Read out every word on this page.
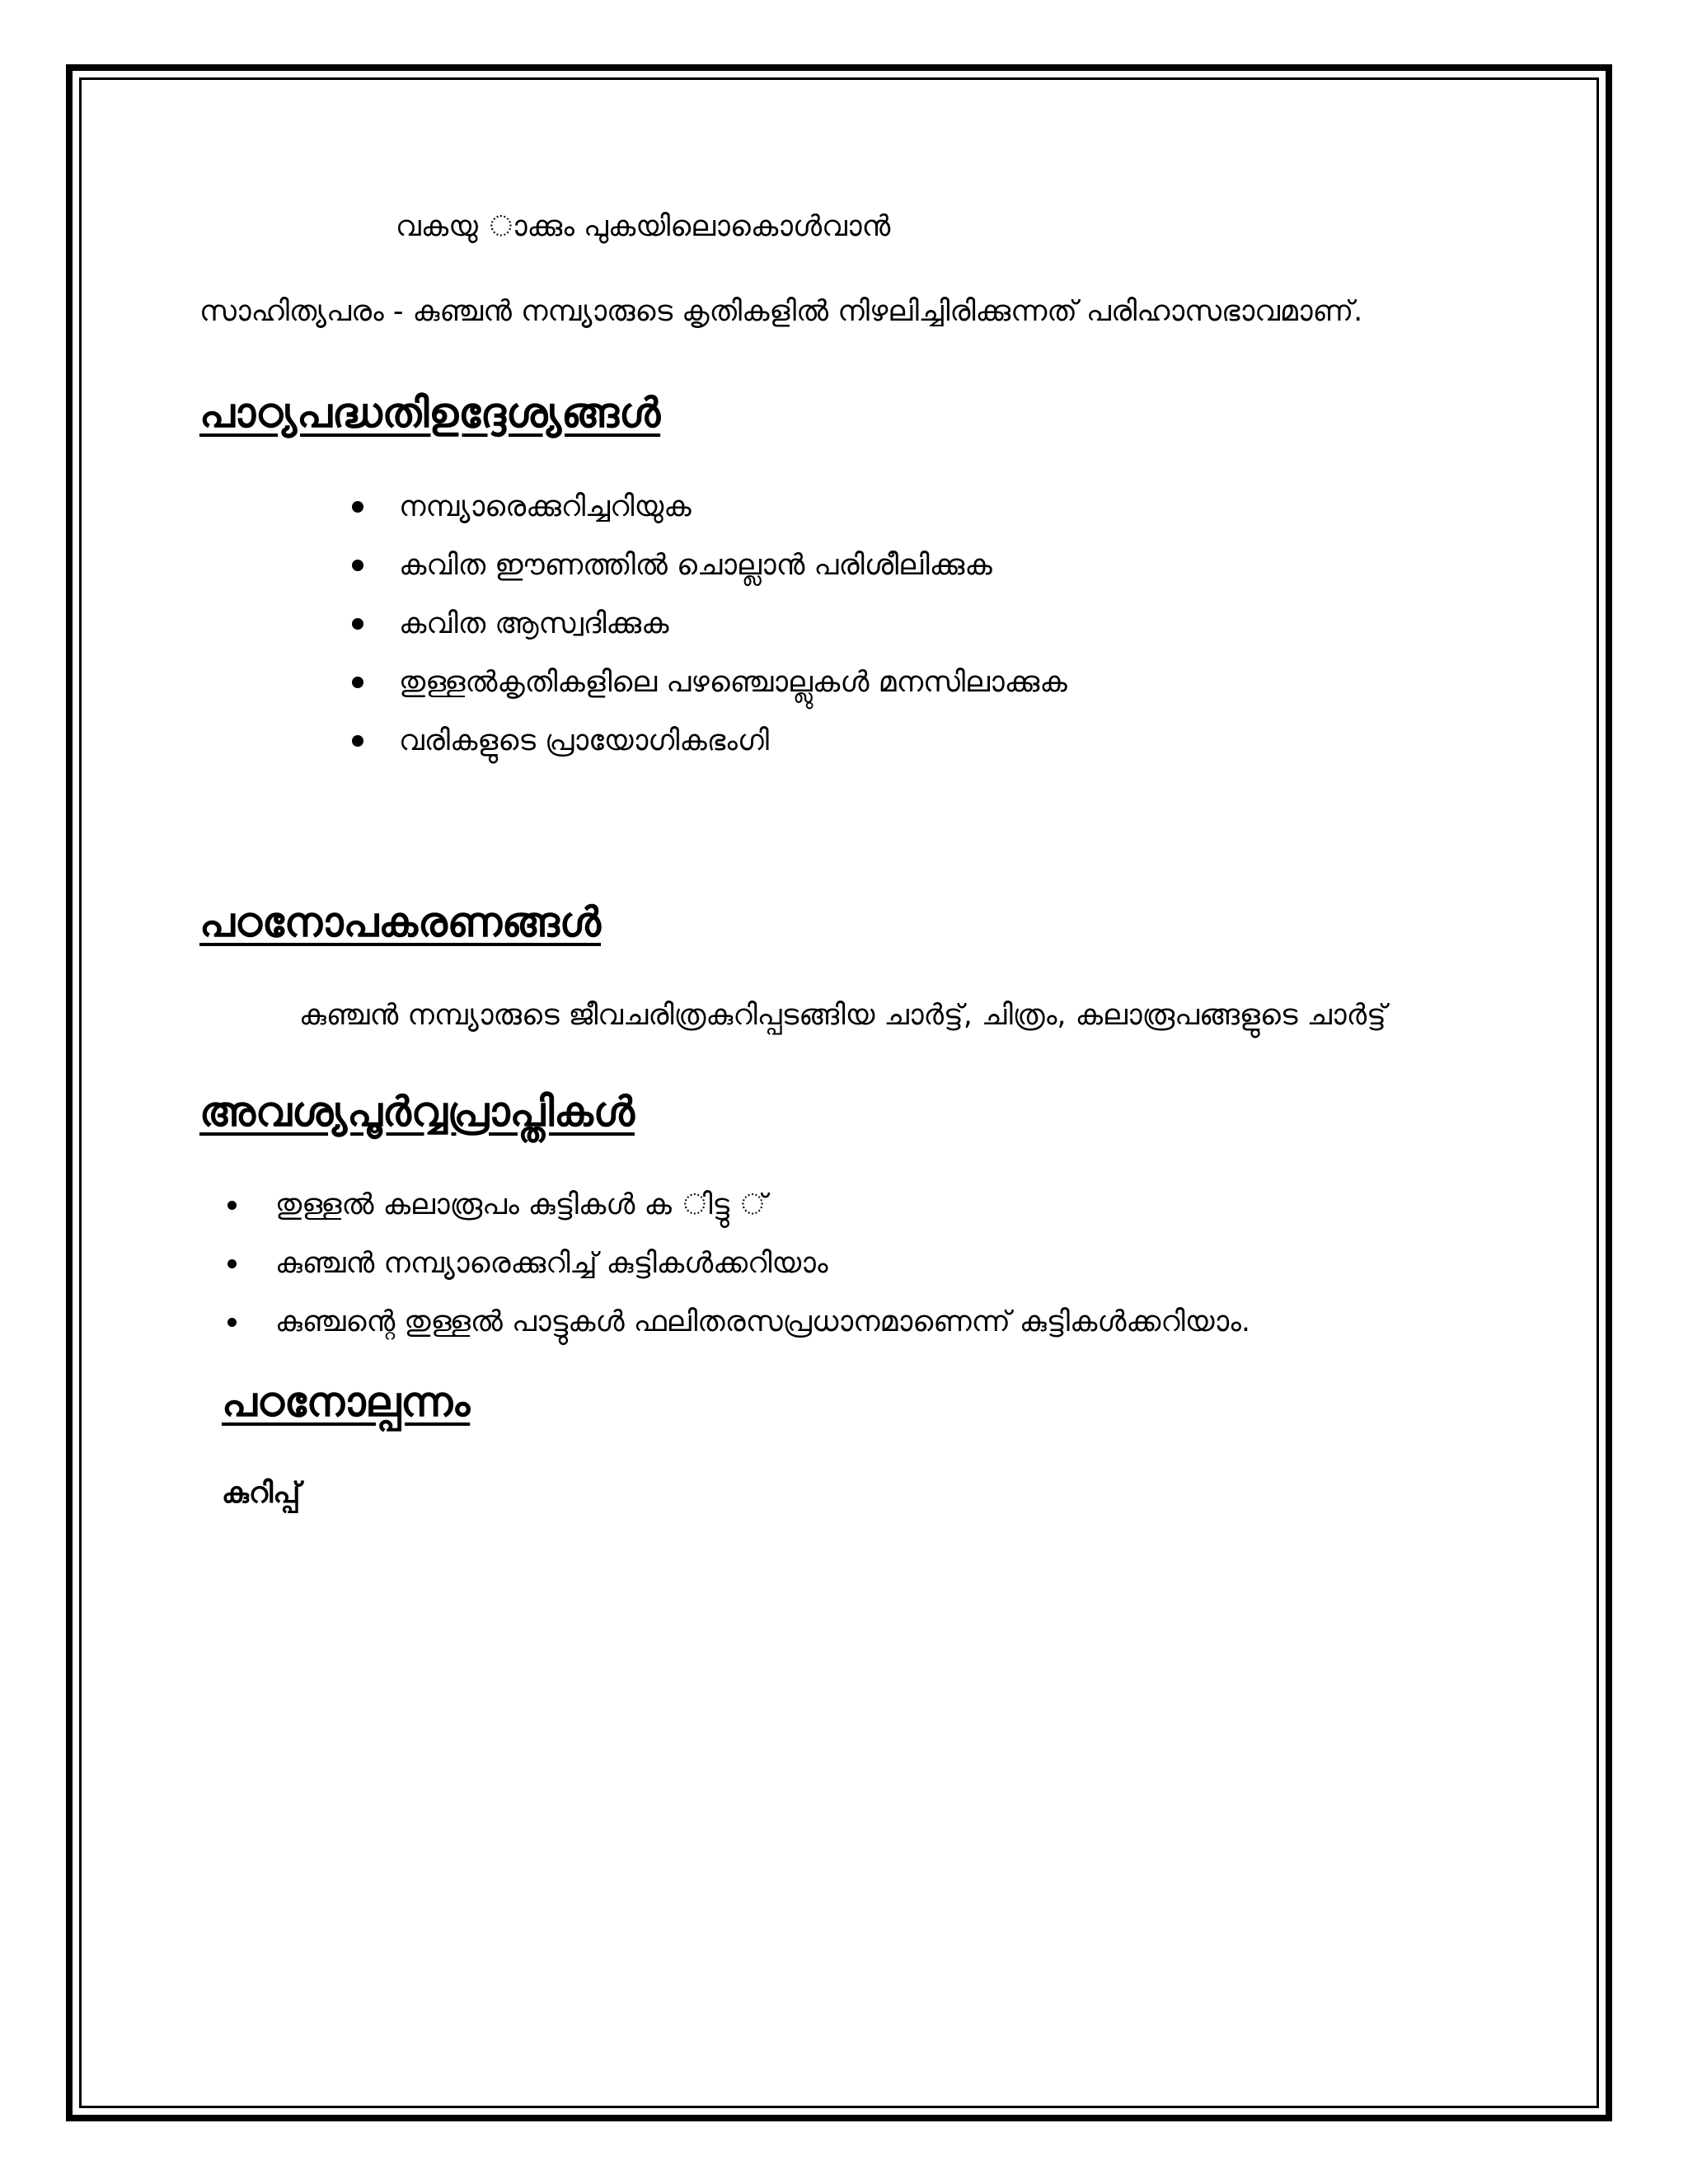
വകയു ാക്കും പുകയിലൊകൊൾവാൻ
സാഹിത്യപരം - കുഞ്ചൻ നമ്പ്യാരുടെ കൃതികളിൽ നിഴലിച്ചിരിക്കുന്നത് പരിഹാസഭാവമാണ്.
പാഠ്യപദ്ധതിഉദ്ദേശ്യങ്ങൾ
നമ്പ്യാരെക്കുറിച്ചറിയുക
കവിത ഈണത്തിൽ ചൊല്ലാൻ പരിശീലിക്കുക
കവിത ആസ്വദിക്കുക
തുള്ളൽകൃതികളിലെ പഴഞ്ചൊല്ലുകൾ മനസിലാക്കുക
വരികളുടെ പ്രായോഗികഭംഗി
പഠനോപകരണങ്ങൾ
കുഞ്ചൻ നമ്പ്യാരുടെ ജീവചരിത്രകുറിപ്പടങ്ങിയ ചാർട്ട്, ചിത്രം, കലാരൂപങ്ങളുടെ ചാർട്ട്
അവശ്യപൂർവ്വപ്രാപ്തികൾ
തുള്ളൽ കലാരൂപം കുട്ടികൾ ക ിട്ടു ്
കുഞ്ചൻ നമ്പ്യാരെക്കുറിച്ച് കുട്ടികൾക്കറിയാം
കുഞ്ചന്റെ തുള്ളൽ പാട്ടുകൾ ഫലിതരസപ്രധാനമാണെന്ന് കുട്ടികൾക്കറിയാം.
പഠനോല്പന്നം
കുറിപ്പ്
